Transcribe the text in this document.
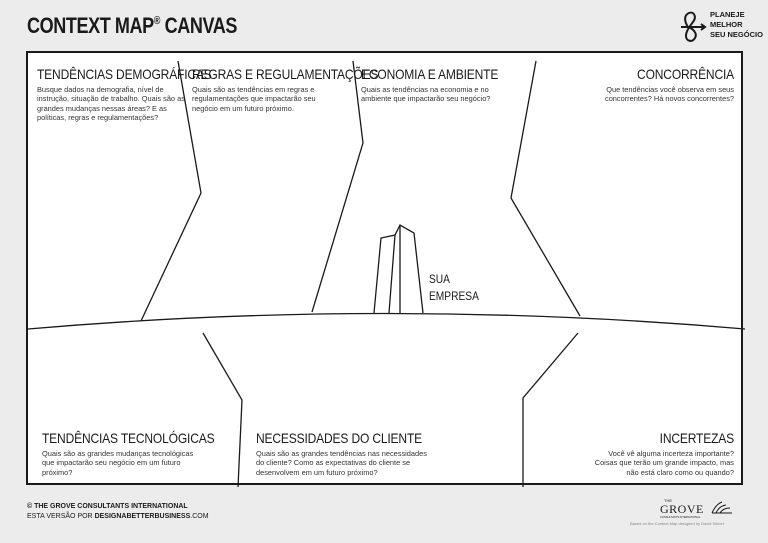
CONTEXT MAP® CANVAS	PLANEJE
MELHOR
SEU NEGÓCIO
TENDÊNCIAS DEMOGRÁFICAS

Busque dados na demografia, nível de instrução, situação de trabalho. Quais são as grandes mudanças nessas áreas? E as políticas, regras e regulamentações?

REGRAS E REGULAMENTAÇÕES

Quais são as tendências em regras e regulamentações que impactarão seu negócio em um futuro próximo.

ECONOMIA E AMBIENTE

Quais as tendências na economia e no ambiente que impactarão seu negócio?

CONCORRÊNCIA

Que tendências você observa em seus concorrentes? Há novos concorrentes?

TENDÊNCIAS TECNOLÓGICAS

Quais são as grandes mudanças tecnológicas que impactarão seu negócio em um futuro próximo?

NECESSIDADES DO CLIENTE

Quais são as grandes tendências nas necessidades do cliente? Como as expectativas do cliente se desenvolvem em um futuro próximo?

INCERTEZAS

Você vê alguma incerteza importante? Coisas que terão um grande impacto, mas não está claro como ou quando?

SUA
EMPRESA
© THE GROVE CONSULTANTS INTERNATIONAL
ESTA VERSÃO POR DESIGNABETTERBUSINESS.COM
THE
GROVE
CONSULTANTS INTERNATIONAL
Based on the Context Map designed by David Sibbet
